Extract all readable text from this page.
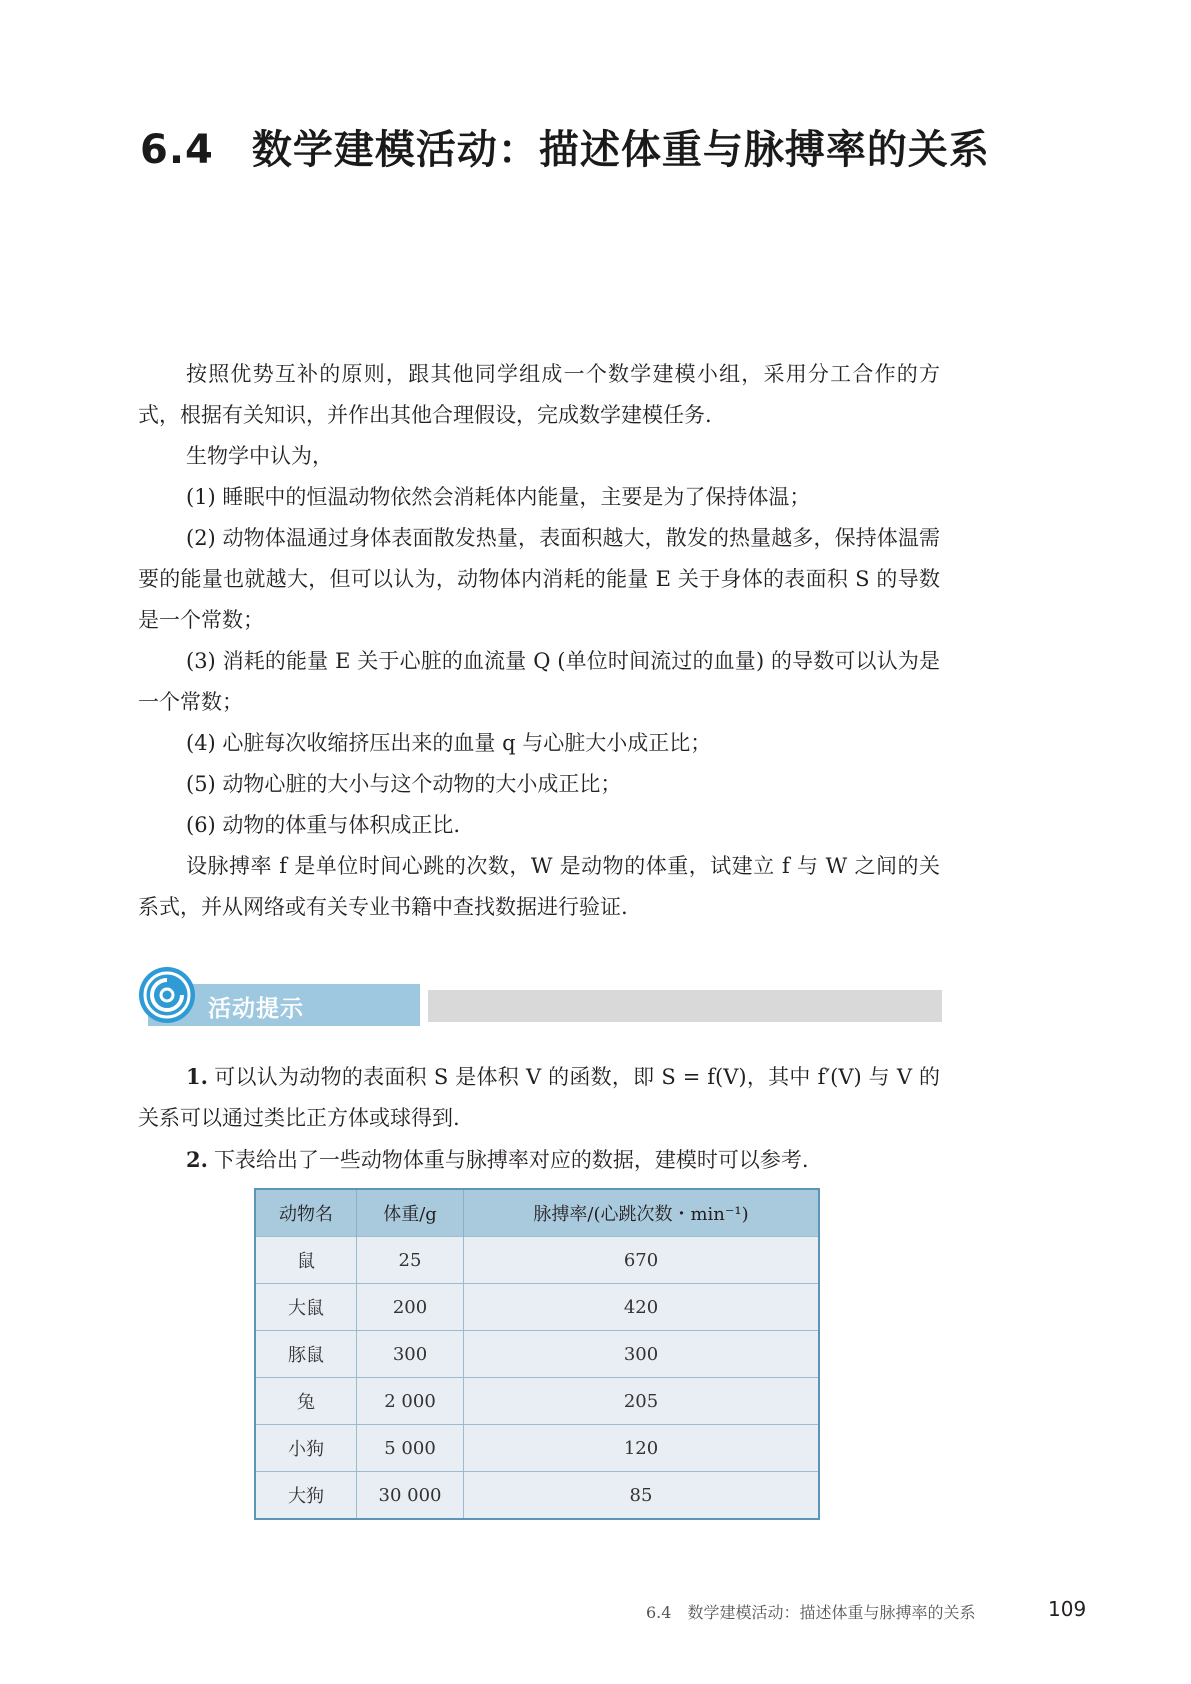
6.4 数学建模活动：描述体重与脉搏率的关系

按照优势互补的原则，跟其他同学组成一个数学建模小组，采用分工合作的方式，根据有关知识，并作出其他合理假设，完成数学建模任务.

生物学中认为，

(1) 睡眠中的恒温动物依然会消耗体内能量，主要是为了保持体温；

(2) 动物体温通过身体表面散发热量，表面积越大，散发的热量越多，保持体温需要的能量也就越大，但可以认为，动物体内消耗的能量 E 关于身体的表面积 S 的导数是一个常数；

(3) 消耗的能量 E 关于心脏的血流量 Q (单位时间流过的血量) 的导数可以认为是一个常数；

(4) 心脏每次收缩挤压出来的血量 q 与心脏大小成正比；

(5) 动物心脏的大小与这个动物的大小成正比；

(6) 动物的体重与体积成正比.

设脉搏率 f 是单位时间心跳的次数，W 是动物的体重，试建立 f 与 W 之间的关系式，并从网络或有关专业书籍中查找数据进行验证.

活动提示

1. 可以认为动物的表面积 S 是体积 V 的函数，即 S = f(V)，其中 f′(V) 与 V 的关系可以通过类比正方体或球得到.

2. 下表给出了一些动物体重与脉搏率对应的数据，建模时可以参考.

动物名	体重/g	脉搏率/(心跳次数・min⁻¹)
鼠	25	670
大鼠	200	420
豚鼠	300	300
兔	2 000	205
小狗	5 000	120
大狗	30 000	85
6.4 数学建模活动：描述体重与脉搏率的关系	109
